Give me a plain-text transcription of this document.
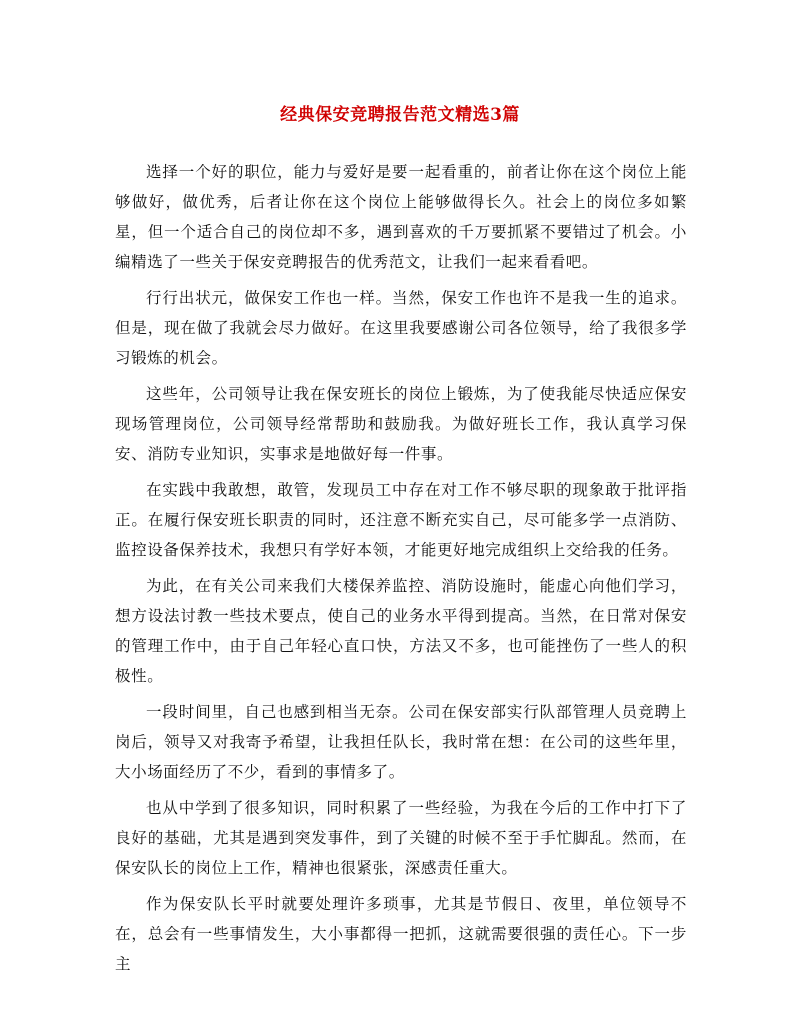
经典保安竞聘报告范文精选3篇

选择一个好的职位，能力与爱好是要一起看重的，前者让你在这个岗位上能够做好，做优秀，后者让你在这个岗位上能够做得长久。社会上的岗位多如繁星，但一个适合自己的岗位却不多，遇到喜欢的千万要抓紧不要错过了机会。小编精选了一些关于保安竞聘报告的优秀范文，让我们一起来看看吧。

行行出状元，做保安工作也一样。当然，保安工作也许不是我一生的追求。但是，现在做了我就会尽力做好。在这里我要感谢公司各位领导，给了我很多学习锻炼的机会。

这些年，公司领导让我在保安班长的岗位上锻炼，为了使我能尽快适应保安现场管理岗位，公司领导经常帮助和鼓励我。为做好班长工作，我认真学习保安、消防专业知识，实事求是地做好每一件事。

在实践中我敢想，敢管，发现员工中存在对工作不够尽职的现象敢于批评指正。在履行保安班长职责的同时，还注意不断充实自己，尽可能多学一点消防、监控设备保养技术，我想只有学好本领，才能更好地完成组织上交给我的任务。

为此，在有关公司来我们大楼保养监控、消防设施时，能虚心向他们学习，想方设法讨教一些技术要点，使自己的业务水平得到提高。当然，在日常对保安的管理工作中，由于自己年轻心直口快，方法又不多，也可能挫伤了一些人的积极性。

一段时间里，自己也感到相当无奈。公司在保安部实行队部管理人员竞聘上岗后，领导又对我寄予希望，让我担任队长，我时常在想：在公司的这些年里，大小场面经历了不少，看到的事情多了。

也从中学到了很多知识，同时积累了一些经验，为我在今后的工作中打下了良好的基础，尤其是遇到突发事件，到了关键的时候不至于手忙脚乱。然而，在保安队长的岗位上工作，精神也很紧张，深感责任重大。

作为保安队长平时就要处理许多琐事，尤其是节假日、夜里，单位领导不在，总会有一些事情发生，大小事都得一把抓，这就需要很强的责任心。下一步主
